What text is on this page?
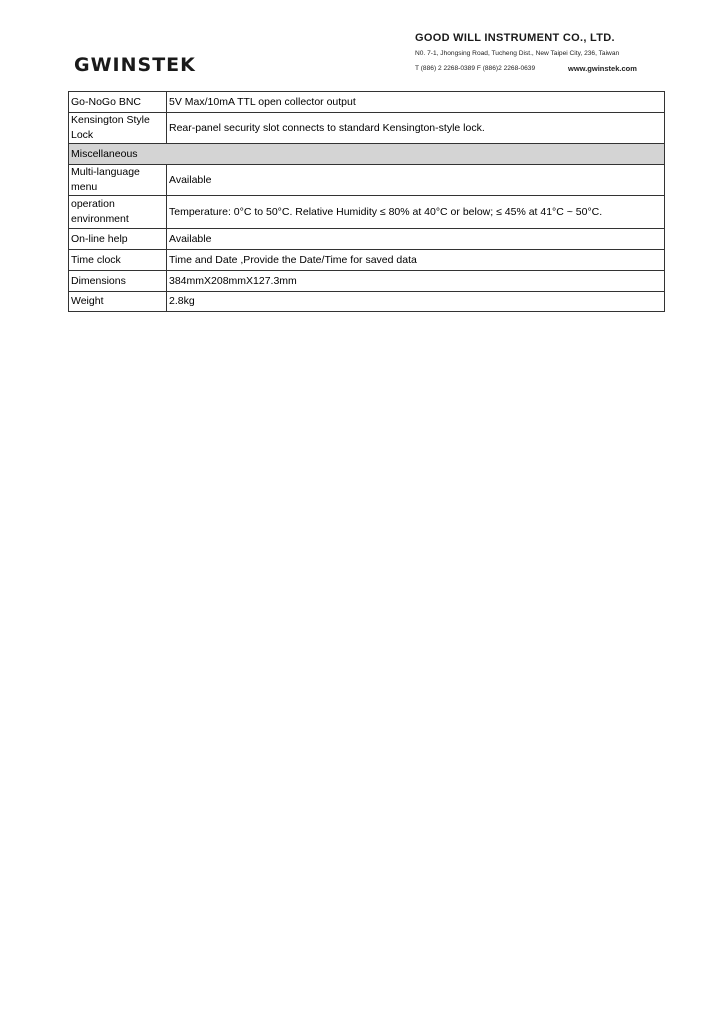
GWINSTEK
GOOD WILL INSTRUMENT CO., LTD.
N0. 7-1, Jhongsing Road, Tucheng Dist., New Taipei City, 236, Taiwan
T (886) 2 2268-0389 F (886)2 2268-0639	www.gwinstek.com
Go-NoGo BNC	5V Max/10mA TTL open collector output
Kensington Style Lock	Rear-panel security slot connects to standard Kensington-style lock.
Miscellaneous	
Multi-language menu	Available
operation environment	Temperature: 0°C to 50°C. Relative Humidity ≤ 80% at 40°C or below; ≤ 45% at 41°C ~ 50°C.
On-line help	Available
Time clock	Time and Date ,Provide the Date/Time for saved data
Dimensions	384mmX208mmX127.3mm
Weight	2.8kg
